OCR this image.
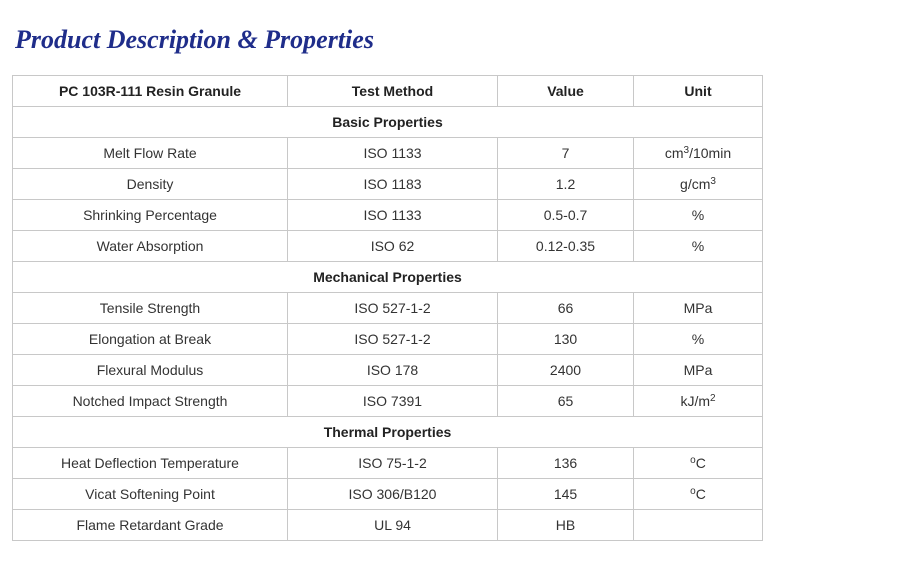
Product Description & Properties
PC 103R-111 Resin Granule	Test Method	Value	Unit
Basic Properties			
Melt Flow Rate	ISO 1133	7	$cm^3/10\min$
Density	ISO 1183	1.2	$g/cm^3$
Shrinking Percentage	ISO 1133	0.5-0.7	%
Water Absorption	ISO 62	0.12-0.35	%
Mechanical Properties			
Tensile Strength	ISO 527-1-2	66	MPa
Elongation at Break	ISO 527-1-2	130	%
Flexural Modulus	ISO 178	2400	MPa
Notched Impact Strength	ISO 7391	65	$kJ/m^2$
Thermal Properties			
Heat Deflection Temperature	ISO 75-1-2	136	$^o$C
Vicat Softening Point	ISO 306/B120	145	$^o$C
Flame Retardant Grade	UL 94	HB	
